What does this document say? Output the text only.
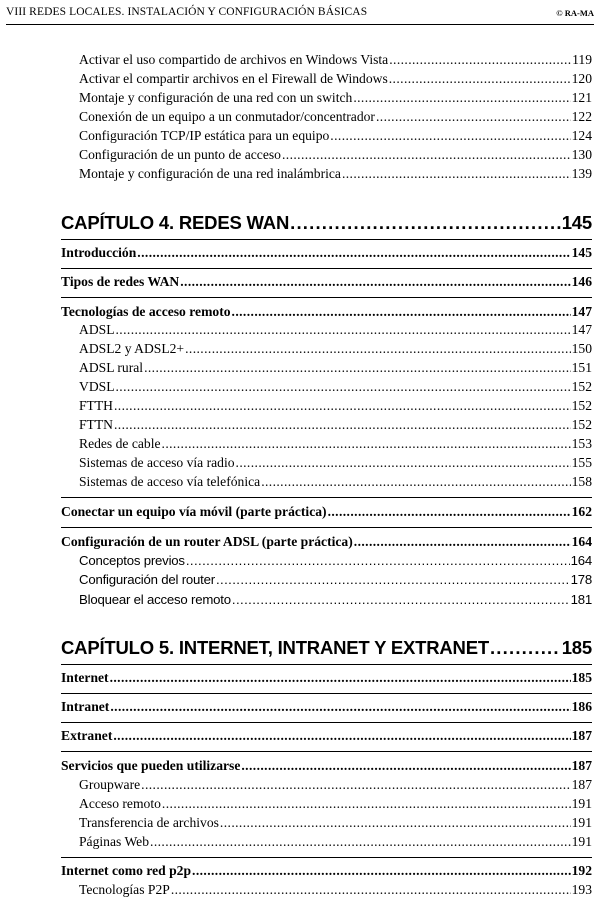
VIII REDES LOCALES. INSTALACIÓN Y CONFIGURACIÓN BÁSICAS	© RA-MA
Activar el uso compartido de archivos en Windows Vista .....	119
Activar el compartir archivos en el Firewall de Windows .....	120
Montaje y configuración de una red con un switch .....	121
Conexión de un equipo a un conmutador/concentrador .....	122
Configuración TCP/IP estática para un equipo .....	124
Configuración de un punto de acceso .....	130
Montaje y configuración de una red inalámbrica .....	139
CAPÍTULO 4. REDES WAN .....	145
Introducción .....	145
Tipos de redes WAN .....	146
Tecnologías de acceso remoto .....	147
ADSL .....	147
ADSL2 y ADSL2+ .....	150
ADSL rural .....	151
VDSL .....	152
FTTH .....	152
FTTN .....	152
Redes de cable .....	153
Sistemas de acceso vía radio .....	155
Sistemas de acceso vía telefónica .....	158
Conectar un equipo vía móvil (parte práctica) .....	162
Configuración de un router ADSL (parte práctica) .....	164
Conceptos previos .....	164
Configuración del router .....	178
Bloquear el acceso remoto .....	181
CAPÍTULO 5. INTERNET, INTRANET Y EXTRANET .....	185
Internet .....	185
Intranet .....	186
Extranet .....	187
Servicios que pueden utilizarse .....	187
Groupware .....	187
Acceso remoto .....	191
Transferencia de archivos .....	191
Páginas Web .....	191
Internet como red p2p .....	192
Tecnologías P2P .....	193
